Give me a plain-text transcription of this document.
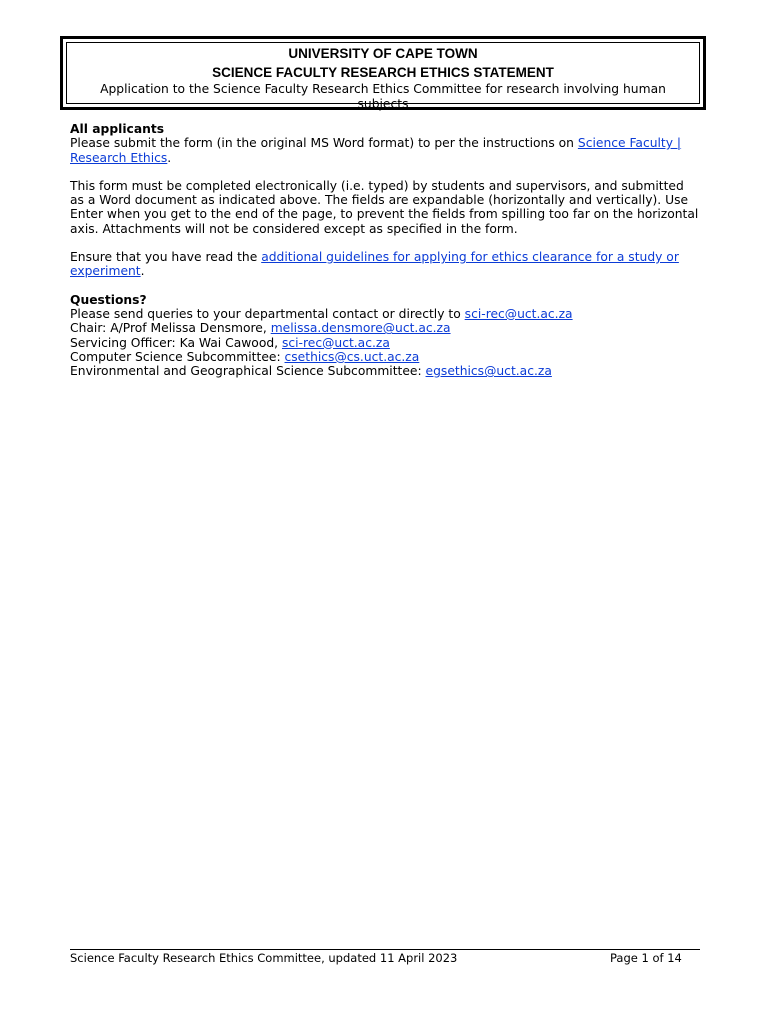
UNIVERSITY OF CAPE TOWN
SCIENCE FACULTY RESEARCH ETHICS STATEMENT
Application to the Science Faculty Research Ethics Committee for research involving human subjects

All applicants

Please submit the form (in the original MS Word format) to per the instructions on Science Faculty | Research Ethics.

This form must be completed electronically (i.e. typed) by students and supervisors, and submitted as a Word document as indicated above. The fields are expandable (horizontally and vertically). Use Enter when you get to the end of the page, to prevent the fields from spilling too far on the horizontal axis. Attachments will not be considered except as specified in the form.

Ensure that you have read the additional guidelines for applying for ethics clearance for a study or experiment.

Questions?

Please send queries to your departmental contact or directly to sci-rec@uct.ac.za

Chair: A/Prof Melissa Densmore, melissa.densmore@uct.ac.za

Servicing Officer: Ka Wai Cawood, sci-rec@uct.ac.za

Computer Science Subcommittee: csethics@cs.uct.ac.za

Environmental and Geographical Science Subcommittee: egsethics@uct.ac.za

Science Faculty Research Ethics Committee, updated 11 April 2023	Page 1 of 14
